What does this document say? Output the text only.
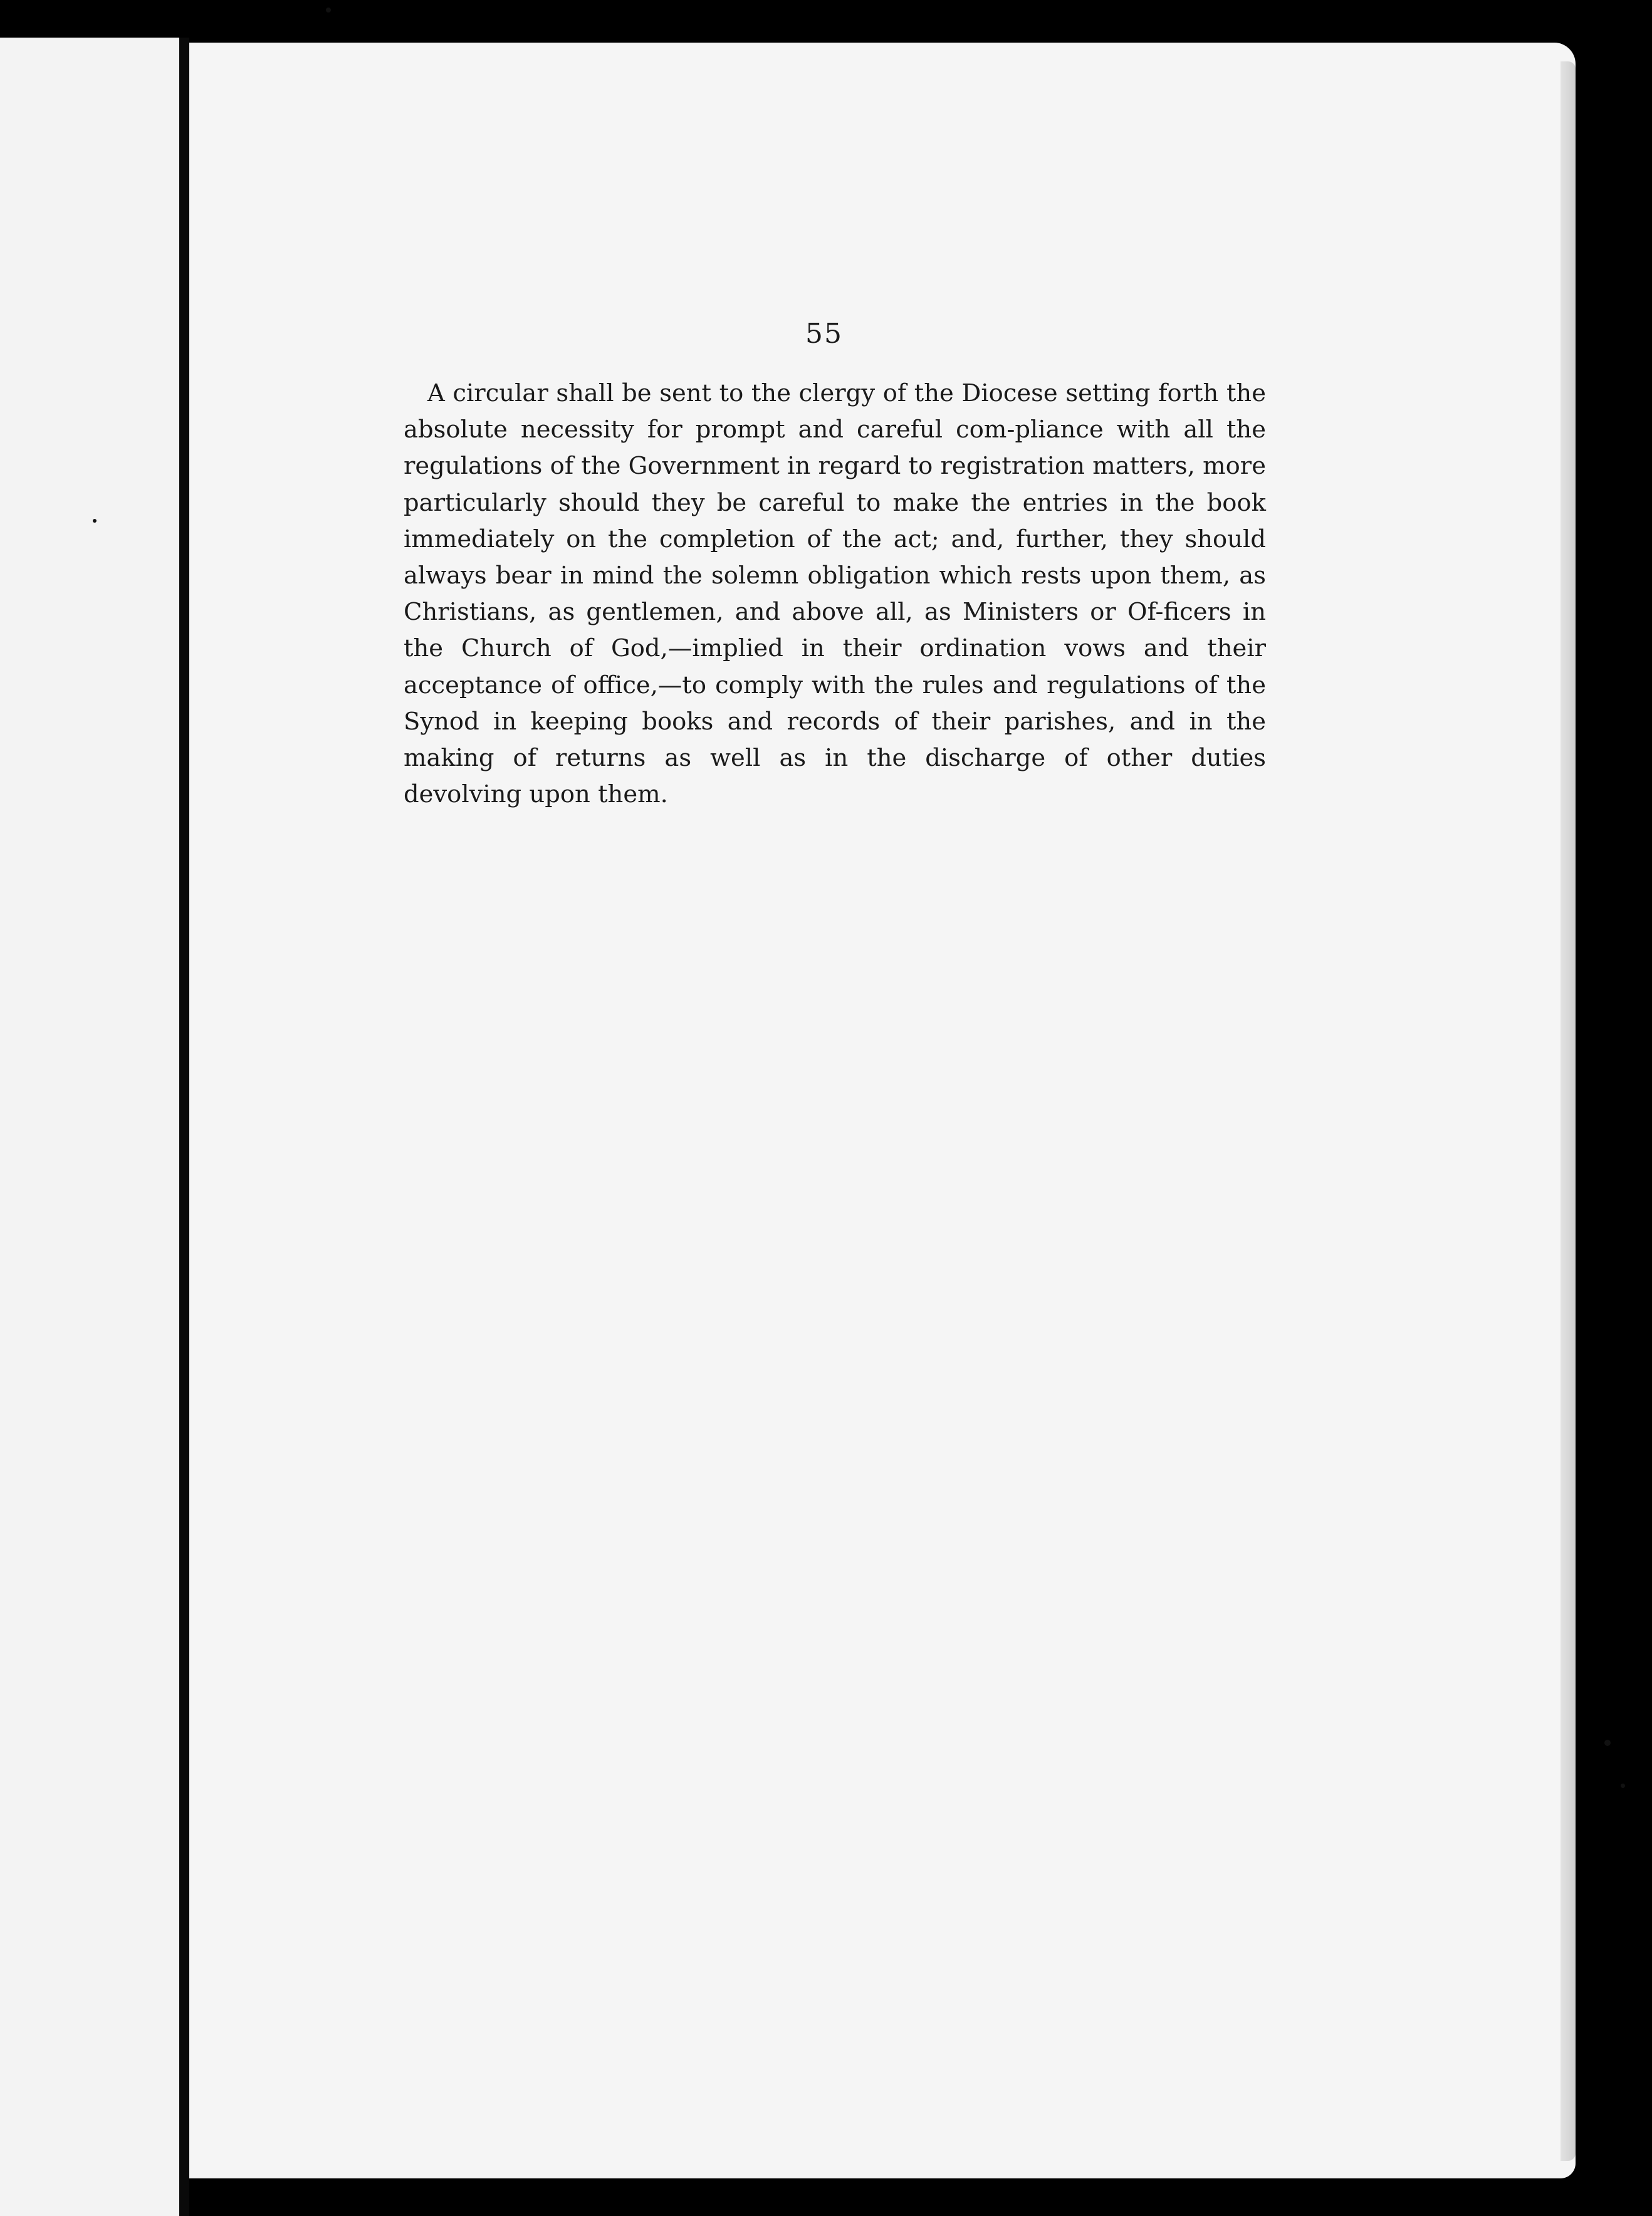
55

A circular shall be sent to the clergy of the Diocese setting forth the absolute necessity for prompt and careful com-pliance with all the regulations of the Government in regard to registration matters, more particularly should they be careful to make the entries in the book immediately on the completion of the act; and, further, they should always bear in mind the solemn obligation which rests upon them, as Christians, as gentlemen, and above all, as Ministers or Of-ficers in the Church of God,—implied in their ordination vows and their acceptance of office,—to comply with the rules and regulations of the Synod in keeping books and records of their parishes, and in the making of returns as well as in the discharge of other duties devolving upon them.
